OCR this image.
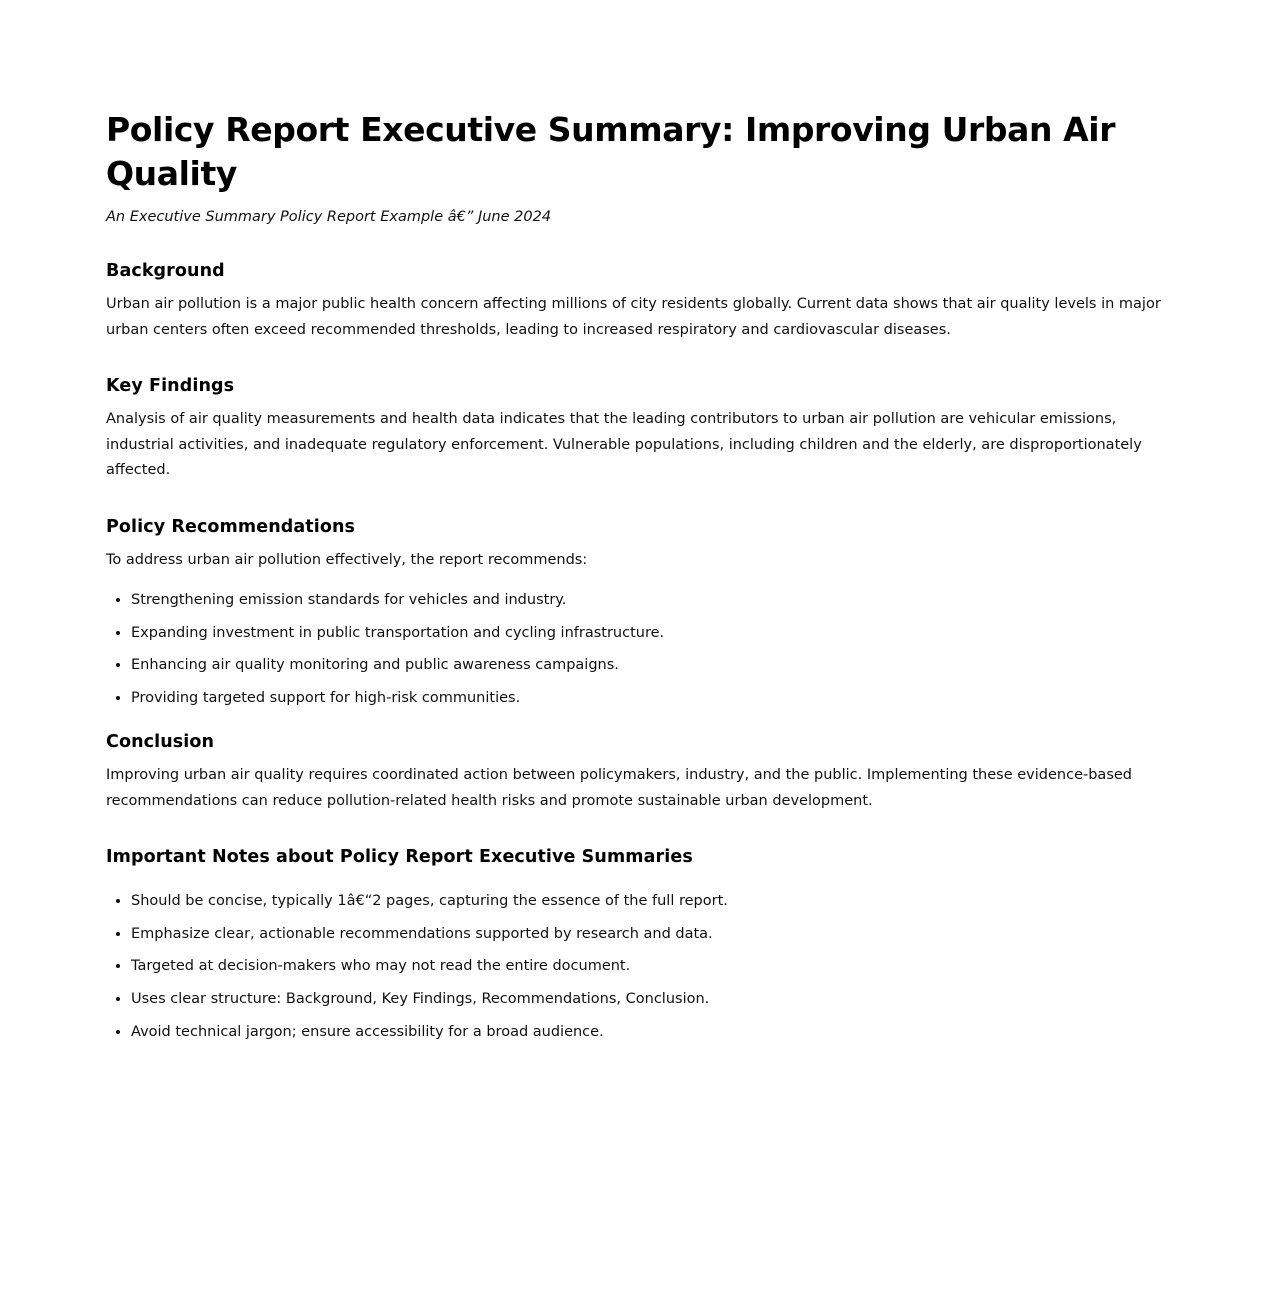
Policy Report Executive Summary: Improving Urban Air Quality

An Executive Summary Policy Report Example â€” June 2024

Background

Urban air pollution is a major public health concern affecting millions of city residents globally. Current data shows that air quality levels in major urban centers often exceed recommended thresholds, leading to increased respiratory and cardiovascular diseases.

Key Findings

Analysis of air quality measurements and health data indicates that the leading contributors to urban air pollution are vehicular emissions, industrial activities, and inadequate regulatory enforcement. Vulnerable populations, including children and the elderly, are disproportionately affected.

Policy Recommendations

To address urban air pollution effectively, the report recommends:

• Strengthening emission standards for vehicles and industry.
• Expanding investment in public transportation and cycling infrastructure.
• Enhancing air quality monitoring and public awareness campaigns.
• Providing targeted support for high-risk communities.
Conclusion

Improving urban air quality requires coordinated action between policymakers, industry, and the public. Implementing these evidence-based recommendations can reduce pollution-related health risks and promote sustainable urban development.

Important Notes about Policy Report Executive Summaries
• Should be concise, typically 1â€“2 pages, capturing the essence of the full report.
• Emphasize clear, actionable recommendations supported by research and data.
• Targeted at decision-makers who may not read the entire document.
• Uses clear structure: Background, Key Findings, Recommendations, Conclusion.
• Avoid technical jargon; ensure accessibility for a broad audience.
